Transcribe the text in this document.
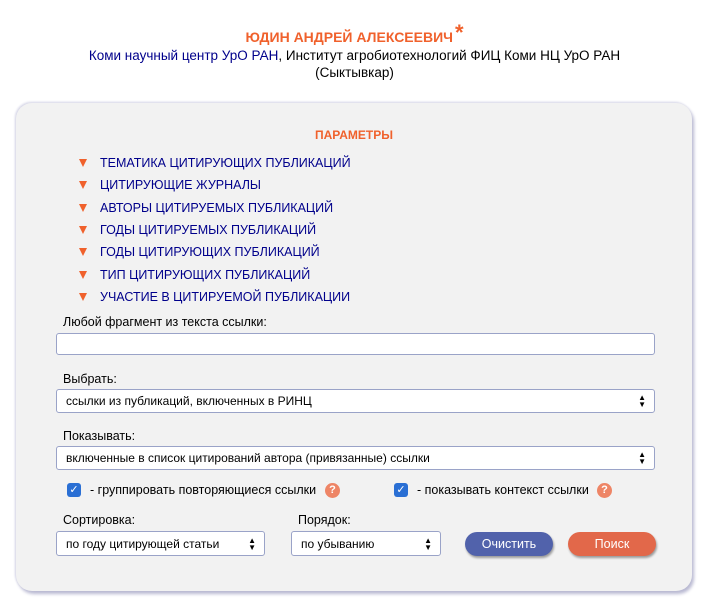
ЮДИН АНДРЕЙ АЛЕКСЕЕВИЧ*
Коми научный центр УрО РАН, Институт агробиотехнологий ФИЦ Коми НЦ УрО РАН
(Сыктывкар)
ПАРАМЕТРЫ
ТЕМАТИКА ЦИТИРУЮЩИХ ПУБЛИКАЦИЙ
ЦИТИРУЮЩИЕ ЖУРНАЛЫ
АВТОРЫ ЦИТИРУЕМЫХ ПУБЛИКАЦИЙ
ГОДЫ ЦИТИРУЕМЫХ ПУБЛИКАЦИЙ
ГОДЫ ЦИТИРУЮЩИХ ПУБЛИКАЦИЙ
ТИП ЦИТИРУЮЩИХ ПУБЛИКАЦИЙ
УЧАСТИЕ В ЦИТИРУЕМОЙ ПУБЛИКАЦИИ
Любой фрагмент из текста ссылки:
Выбрать:
ссылки из публикаций, включенных в РИНЦ	▲
▼
Показывать:
включенные в список цитирований автора (привязанные) ссылки	▲
▼
✓ - группировать повторяющиеся ссылки	?	✓ - показывать контекст ссылки	?
Сортировка:
по году цитирующей статьи	▲
▼
Порядок:
по убыванию	▲
▼	Очистить	Поиск
